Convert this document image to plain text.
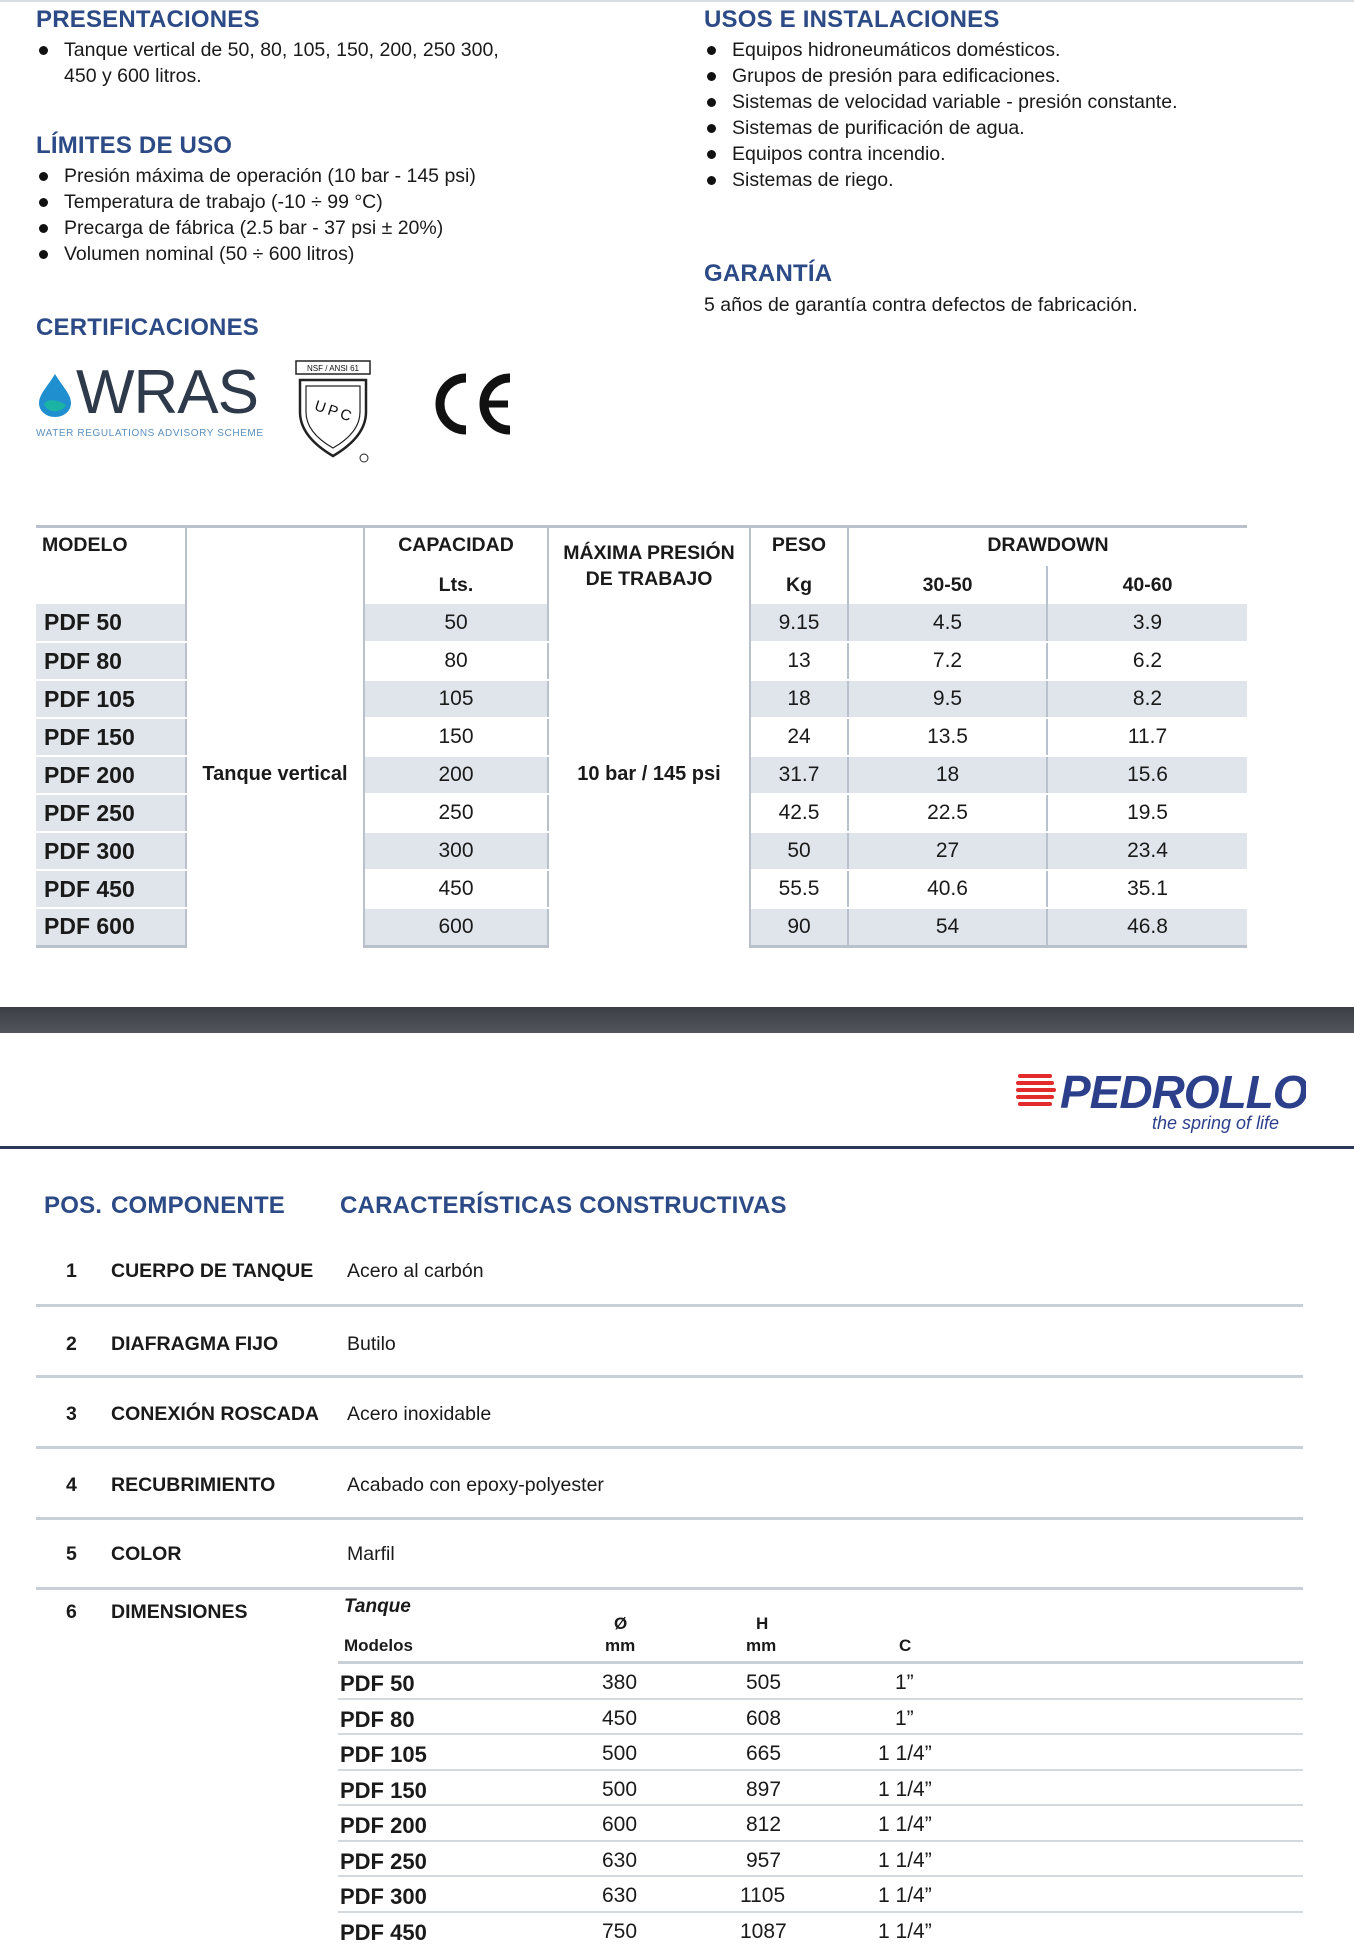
PRESENTACIONES
Tanque vertical de 50, 80, 105, 150, 200, 250 300, 450 y 600 litros.
LÍMITES DE USO
Presión máxima de operación (10 bar - 145 psi)
Temperatura de trabajo (-10 ÷ 99 °C)
Precarga de fábrica (2.5 bar - 37 psi ± 20%)
Volumen nominal (50 ÷ 600 litros)
USOS E INSTALACIONES
Equipos hidroneumáticos domésticos.
Grupos de presión para edificaciones.
Sistemas de velocidad variable - presión constante.
Sistemas de purificación de agua.
Equipos contra incendio.
Sistemas de riego.
GARANTÍA
5 años de garantía contra defectos de fabricación.
CERTIFICACIONES
WRAS
WATER REGULATIONS ADVISORY SCHEME
NSF / ANSI 61
UPC
MODELO		CAPACIDAD	MÁXIMA PRESIÓN DE TRABAJO	PESO	DRAWDOWN	
		Lts.		Kg	30-50	40-60
PDF 50	Tanque vertical	50	10 bar / 145 psi	9.15	4.5	3.9
PDF 80		80		13	7.2	6.2
PDF 105		105		18	9.5	8.2
PDF 150		150		24	13.5	11.7
PDF 200		200		31.7	18	15.6
PDF 250		250		42.5	22.5	19.5
PDF 300		300		50	27	23.4
PDF 450		450		55.5	40.6	35.1
PDF 600		600		90	54	46.8
PEDROLLO
the spring of life
POS. COMPONENTE CARACTERÍSTICAS CONSTRUCTIVAS
1 CUERPO DE TANQUE Acero al carbón
2 DIAFRAGMA FIJO	Butilo
3 CONEXIÓN ROSCADA Acero inoxidable
4 RECUBRIMIENTO	Acabado con epoxy-polyester
5 COLOR	Marfil
6 DIMENSIONES	Tanque
Modelos
Ø
mm
H
mm	C
PDF 50	380	505	1”
PDF 80	450	608	1”
PDF 105	500	665	1 1/4”
PDF 150	500	897	1 1/4”
PDF 200	600	812	1 1/4”
PDF 250	630	957	1 1/4”
PDF 300	630	1105	1 1/4”
PDF 450	750	1087	1 1/4”
